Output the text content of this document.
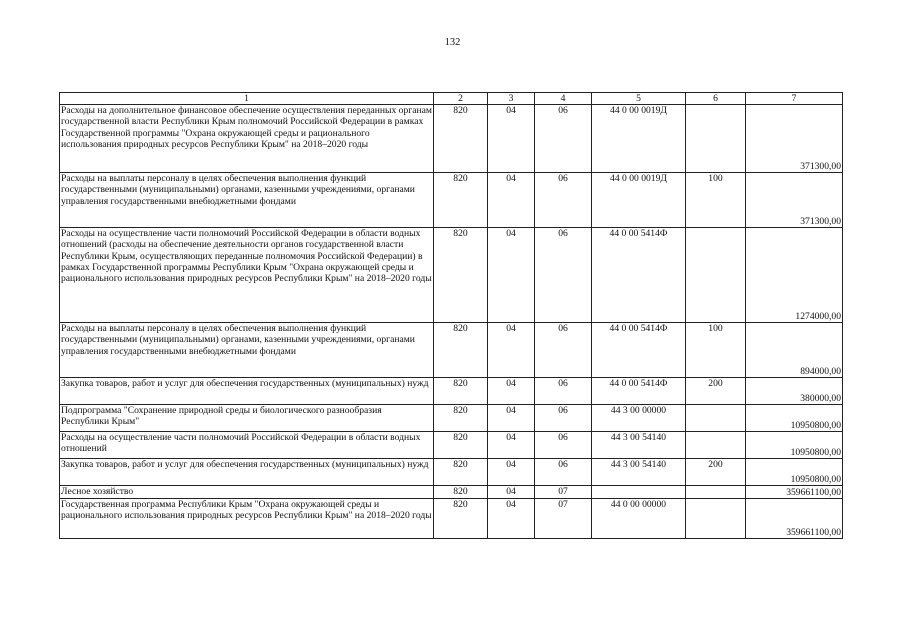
132
1	2	3	4	5	6	7
Расходы на дополнительное финансовое обеспечение осуществления переданных органам государственной власти Республики Крым полномочий Российской Федерации в рамках Государственной программы "Охрана окружающей среды и рационального использования природных ресурсов Республики Крым" на 2018–2020 годы	820	04	06	44 0 00 0019Д		371300,00
Расходы на выплаты персоналу в целях обеспечения выполнения функций государственными (муниципальными) органами, казенными учреждениями, органами управления государственными внебюджетными фондами	820	04	06	44 0 00 0019Д	100	371300,00
Расходы на осуществление части полномочий Российской Федерации в области водных отношений (расходы на обеспечение деятельности органов государственной власти Республики Крым, осуществляющих переданные полномочия Российской Федерации) в рамках Государственной программы Республики Крым "Охрана окружающей среды и рационального использования природных ресурсов Республики Крым" на 2018–2020 годы	820	04	06	44 0 00 5414Ф		1274000,00
Расходы на выплаты персоналу в целях обеспечения выполнения функций государственными (муниципальными) органами, казенными учреждениями, органами управления государственными внебюджетными фондами	820	04	06	44 0 00 5414Ф	100	894000,00
Закупка товаров, работ и услуг для обеспечения государственных (муниципальных) нужд	820	04	06	44 0 00 5414Ф	200	380000,00
Подпрограмма "Сохранение природной среды и биологического разнообразия Республики Крым"	820	04	06	44 3 00 00000		10950800,00
Расходы на осуществление части полномочий Российской Федерации в области водных отношений	820	04	06	44 3 00 54140		10950800,00
Закупка товаров, работ и услуг для обеспечения государственных (муниципальных) нужд	820	04	06	44 3 00 54140	200	10950800,00
Лесное хозяйство	820	04	07			359661100,00
Государственная программа Республики Крым "Охрана окружающей среды и рационального использования природных ресурсов Республики Крым" на 2018–2020 годы	820	04	07	44 0 00 00000		359661100,00
